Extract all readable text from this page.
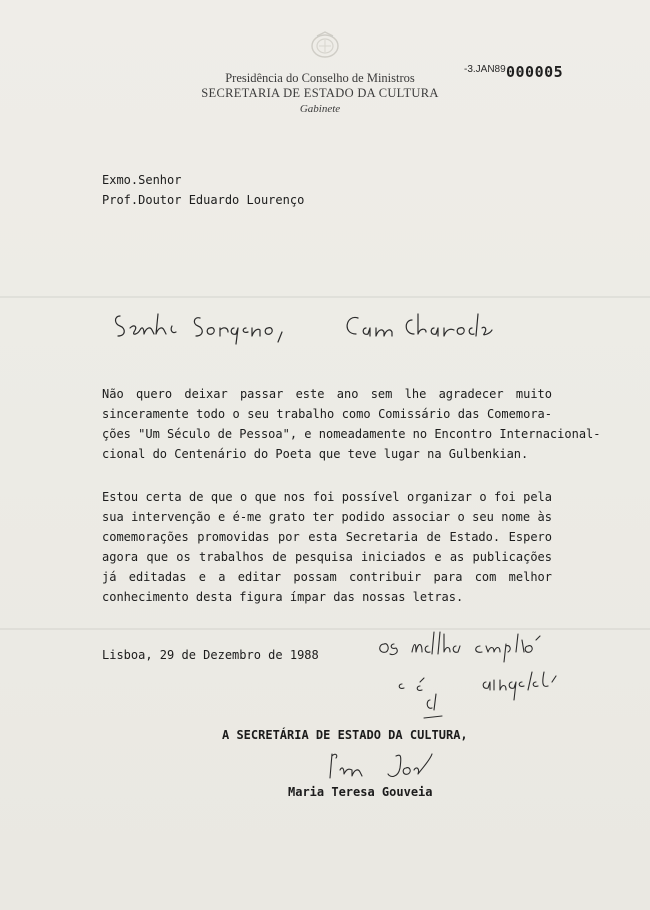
Presidência do Conselho de Ministros
SECRETARIA DE ESTADO DA CULTURA
Gabinete
-3.JAN89 000005
Exmo.Senhor
Prof.Doutor Eduardo Lourenço
Não quero deixar passar este ano sem lhe agradecer muito
sinceramente todo o seu trabalho como Comissário das Comemora-
ções "Um Século de Pessoa", e nomeadamente no Encontro Internacional-
cional do Centenário do Poeta que teve lugar na Gulbenkian.
Estou certa de que o que nos foi possível organizar o foi pela
sua intervenção e é-me grato ter podido associar o seu nome às
comemorações promovidas por esta Secretaria de Estado. Espero
agora que os trabalhos de pesquisa iniciados e as publicações
já editadas e a editar possam contribuir para com melhor
conhecimento desta figura ímpar das nossas letras.
Lisboa, 29 de Dezembro de 1988
A SECRETÁRIA DE ESTADO DA CULTURA,
Maria Teresa Gouveia
